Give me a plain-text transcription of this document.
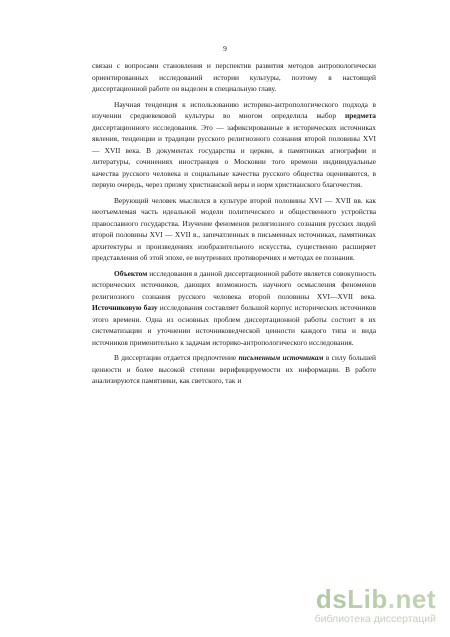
9

связан с вопросами становления и перспектив развития методов антропологически ориентированных исследований истории культуры, поэтому в настоящей диссертационной работе он выделен в специальную главу.

Научная тенденция к использованию историко-антропологического подхода в изучении средневековой культуры во многом определила выбор предмета диссертационного исследования. Это — зафиксированные в исторических источниках явления, тенденции и традиции русского религиозного сознания второй половины XVI — XVII века. В документах государства и церкви, в памятниках агиографии и литературы, сочинениях иностранцев о Московии того времени индивидуальные качества русского человека и социальные качества русского общества оцениваются, в первую очередь, через призму христианской веры и норм христианского благочестия.

Верующий человек мыслился в культуре второй половины XVI — XVII вв. как неотъемлемая часть идеальной модели политического и общественного устройства православного государства. Изучение феноменов религиозного сознания русских людей второй половины XVI — XVII в., запечатленных в письменных источниках, памятниках архитектуры и произведениях изобразительного искусства, существенно расширяет представления об этой эпохе, ее внутренних противоречиях и методах ее познания.

Объектом исследования в данной диссертационной работе является совокупность исторических источников, дающих возможность научного осмысления феноменов религиозного сознания русского человека второй половины XVI—XVII века. Источниковую базу исследования составляет большой корпус исторических источников этого времени. Одна из основных проблем диссертационной работы состоит в их систематизации и уточнении источниковедческой ценности каждого типа и вида источников применительно к задачам историко-антропологического исследования.

В диссертации отдается предпочтение письменным источникам в силу большей ценности и более высокой степени верифицируемости их информации. В работе анализируются памятники, как светского, так и

dsLib.net
библиотека диссертаций
